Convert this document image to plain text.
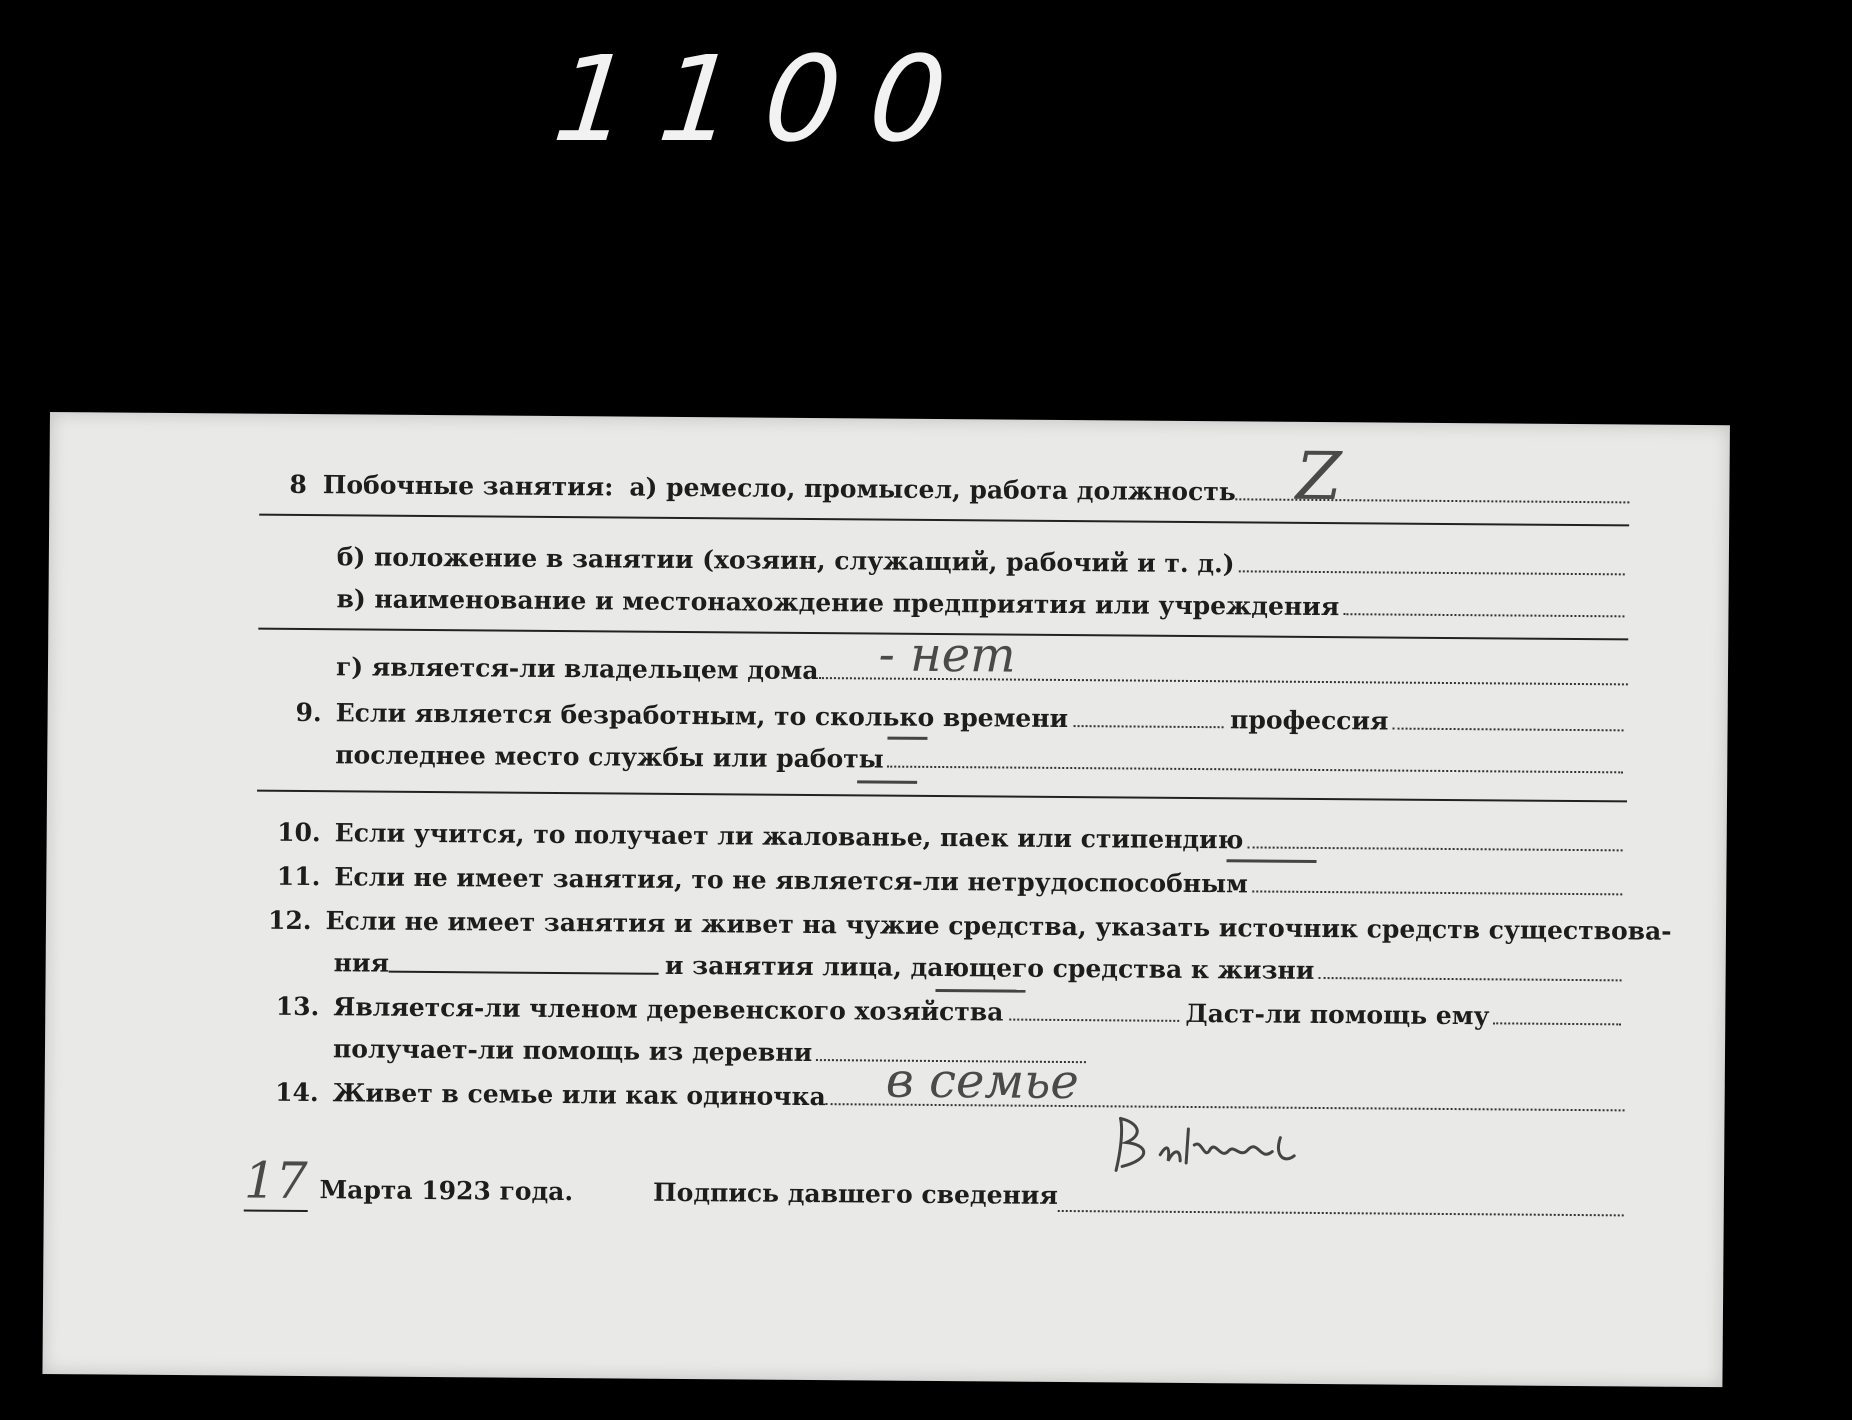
1100
8 Побочные занятия: а) ремесло, промысел, работа должность Z
б) положение в занятии (хозяин, служащий, рабочий и т. д.)
в) наименование и местонахождение предприятия или учреждения
г) является-ли владельцем дома - нет
9. Если является безработным, то сколько времени	профессия
последнее место службы или работы
10. Если учится, то получает ли жалованье, паек или стипендию
11. Если не имеет занятия, то не является-ли нетрудоспособным
12. Если не имеет занятия и живет на чужие средства, указать источник средств существова-
ния	и занятия лица, дающего средства к жизни
13. Является-ли членом деревенского хозяйства	Даст-ли помощь ему
получает-ли помощь из деревни
14. Живет в семье или как одиночка в семье
17 Марта 1923 года.	Подпись давшего сведения
